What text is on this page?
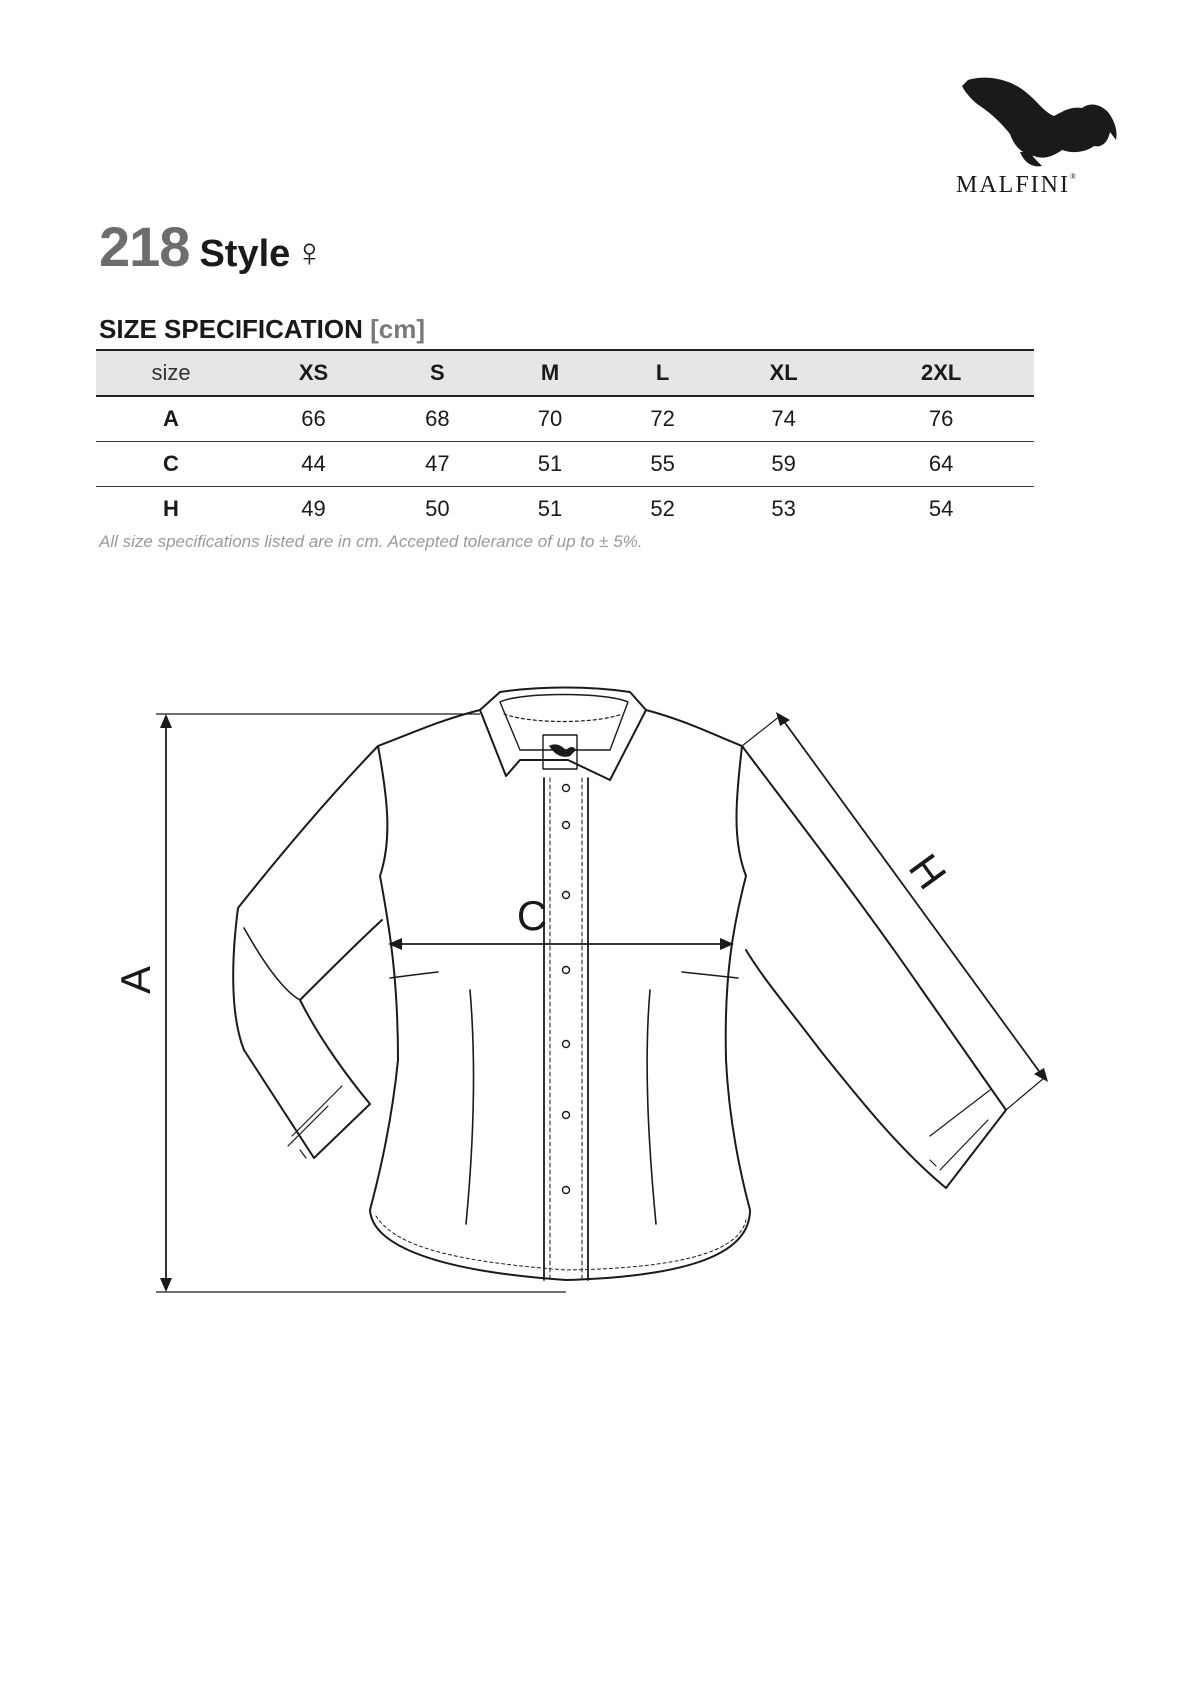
MALFINI®
218 Style ♀
SIZE SPECIFICATION [cm]
size	XS	S	M	L	XL	2XL
A	66	68	70	72	74	76
C	44	47	51	55	59	64
H	49	50	51	52	53	54
All size specifications listed are in cm. Accepted tolerance of up to ± 5%.
A
C
H
